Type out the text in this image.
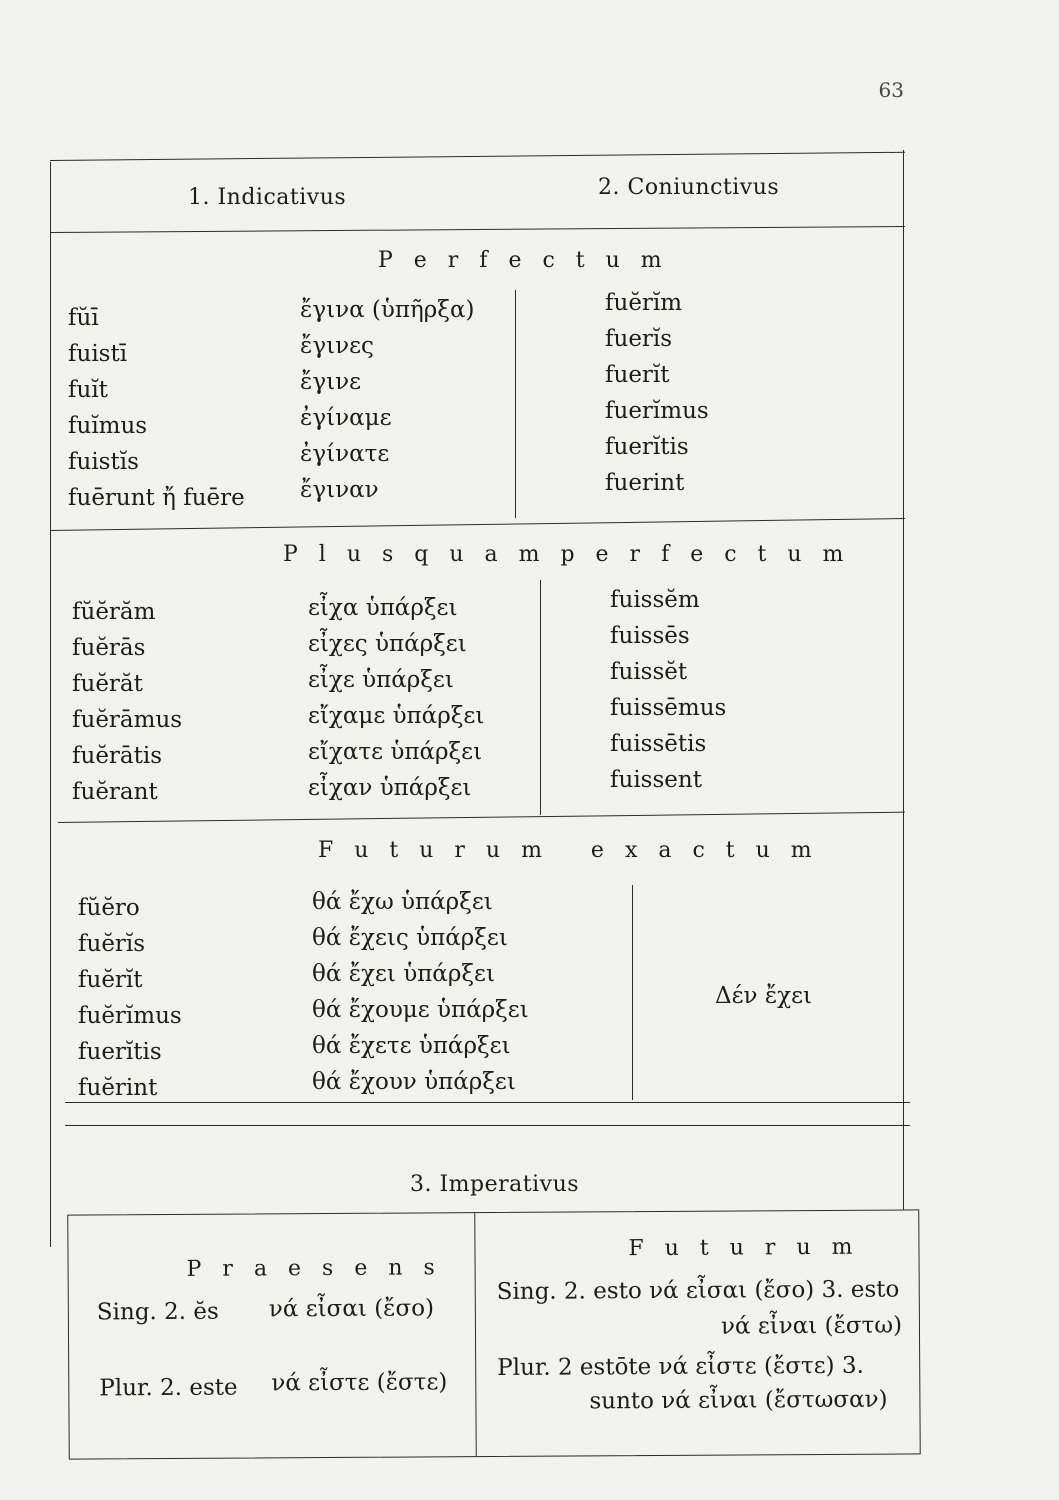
63
1. Indicativus	2. Coniunctivus
P e r f e c t u m
fŭī
fuistī
fuĭt
fuĭmus
fuistĭs
fuērunt ἤ fuēre
ἔγινα (ὑπῆρξα)
ἔγινες
ἔγινε
ἐγίναμε
ἐγίνατε
ἔγιναν
fuĕrĭm
fuerĭs
fuerĭt
fuerĭmus
fuerĭtis
fuerint
P l u s q u a m p e r f e c t u m
fŭĕrăm
fuĕrās
fuĕrăt
fuĕrāmus
fuĕrātis
fuĕrant
εἶχα ὑπάρξει
εἶχες ὑπάρξει
εἶχε ὑπάρξει
εἴχαμε ὑπάρξει
εἴχατε ὑπάρξει
εἶχαν ὑπάρξει
fuissĕm
fuissēs
fuissĕt
fuissēmus
fuissētis
fuissent
F u t u r u m   e x a c t u m
fŭĕro
fuĕrĭs
fuĕrĭt
fuĕrĭmus
fuerĭtis
fuĕrint
θά ἔχω ὑπάρξει
θά ἔχεις ὑπάρξει
θά ἔχει ὑπάρξει
θά ἔχουμε ὑπάρξει
θά ἔχετε ὑπάρξει
θά ἔχουν ὑπάρξει
Δέν ἔχει
3. Imperativus
P r a e s e n s
Sing. 2. ĕs νά εἶσαι (ἔσο)
Plur. 2. este νά εἶστε (ἔστε)
F u t u r u m
Sing. 2. esto νά εἶσαι (ἔσο) 3. esto
νά εἶναι (ἔστω)
Plur. 2 estōte νά εἶστε (ἔστε) 3.
sunto νά εἶναι (ἔστωσαν)
